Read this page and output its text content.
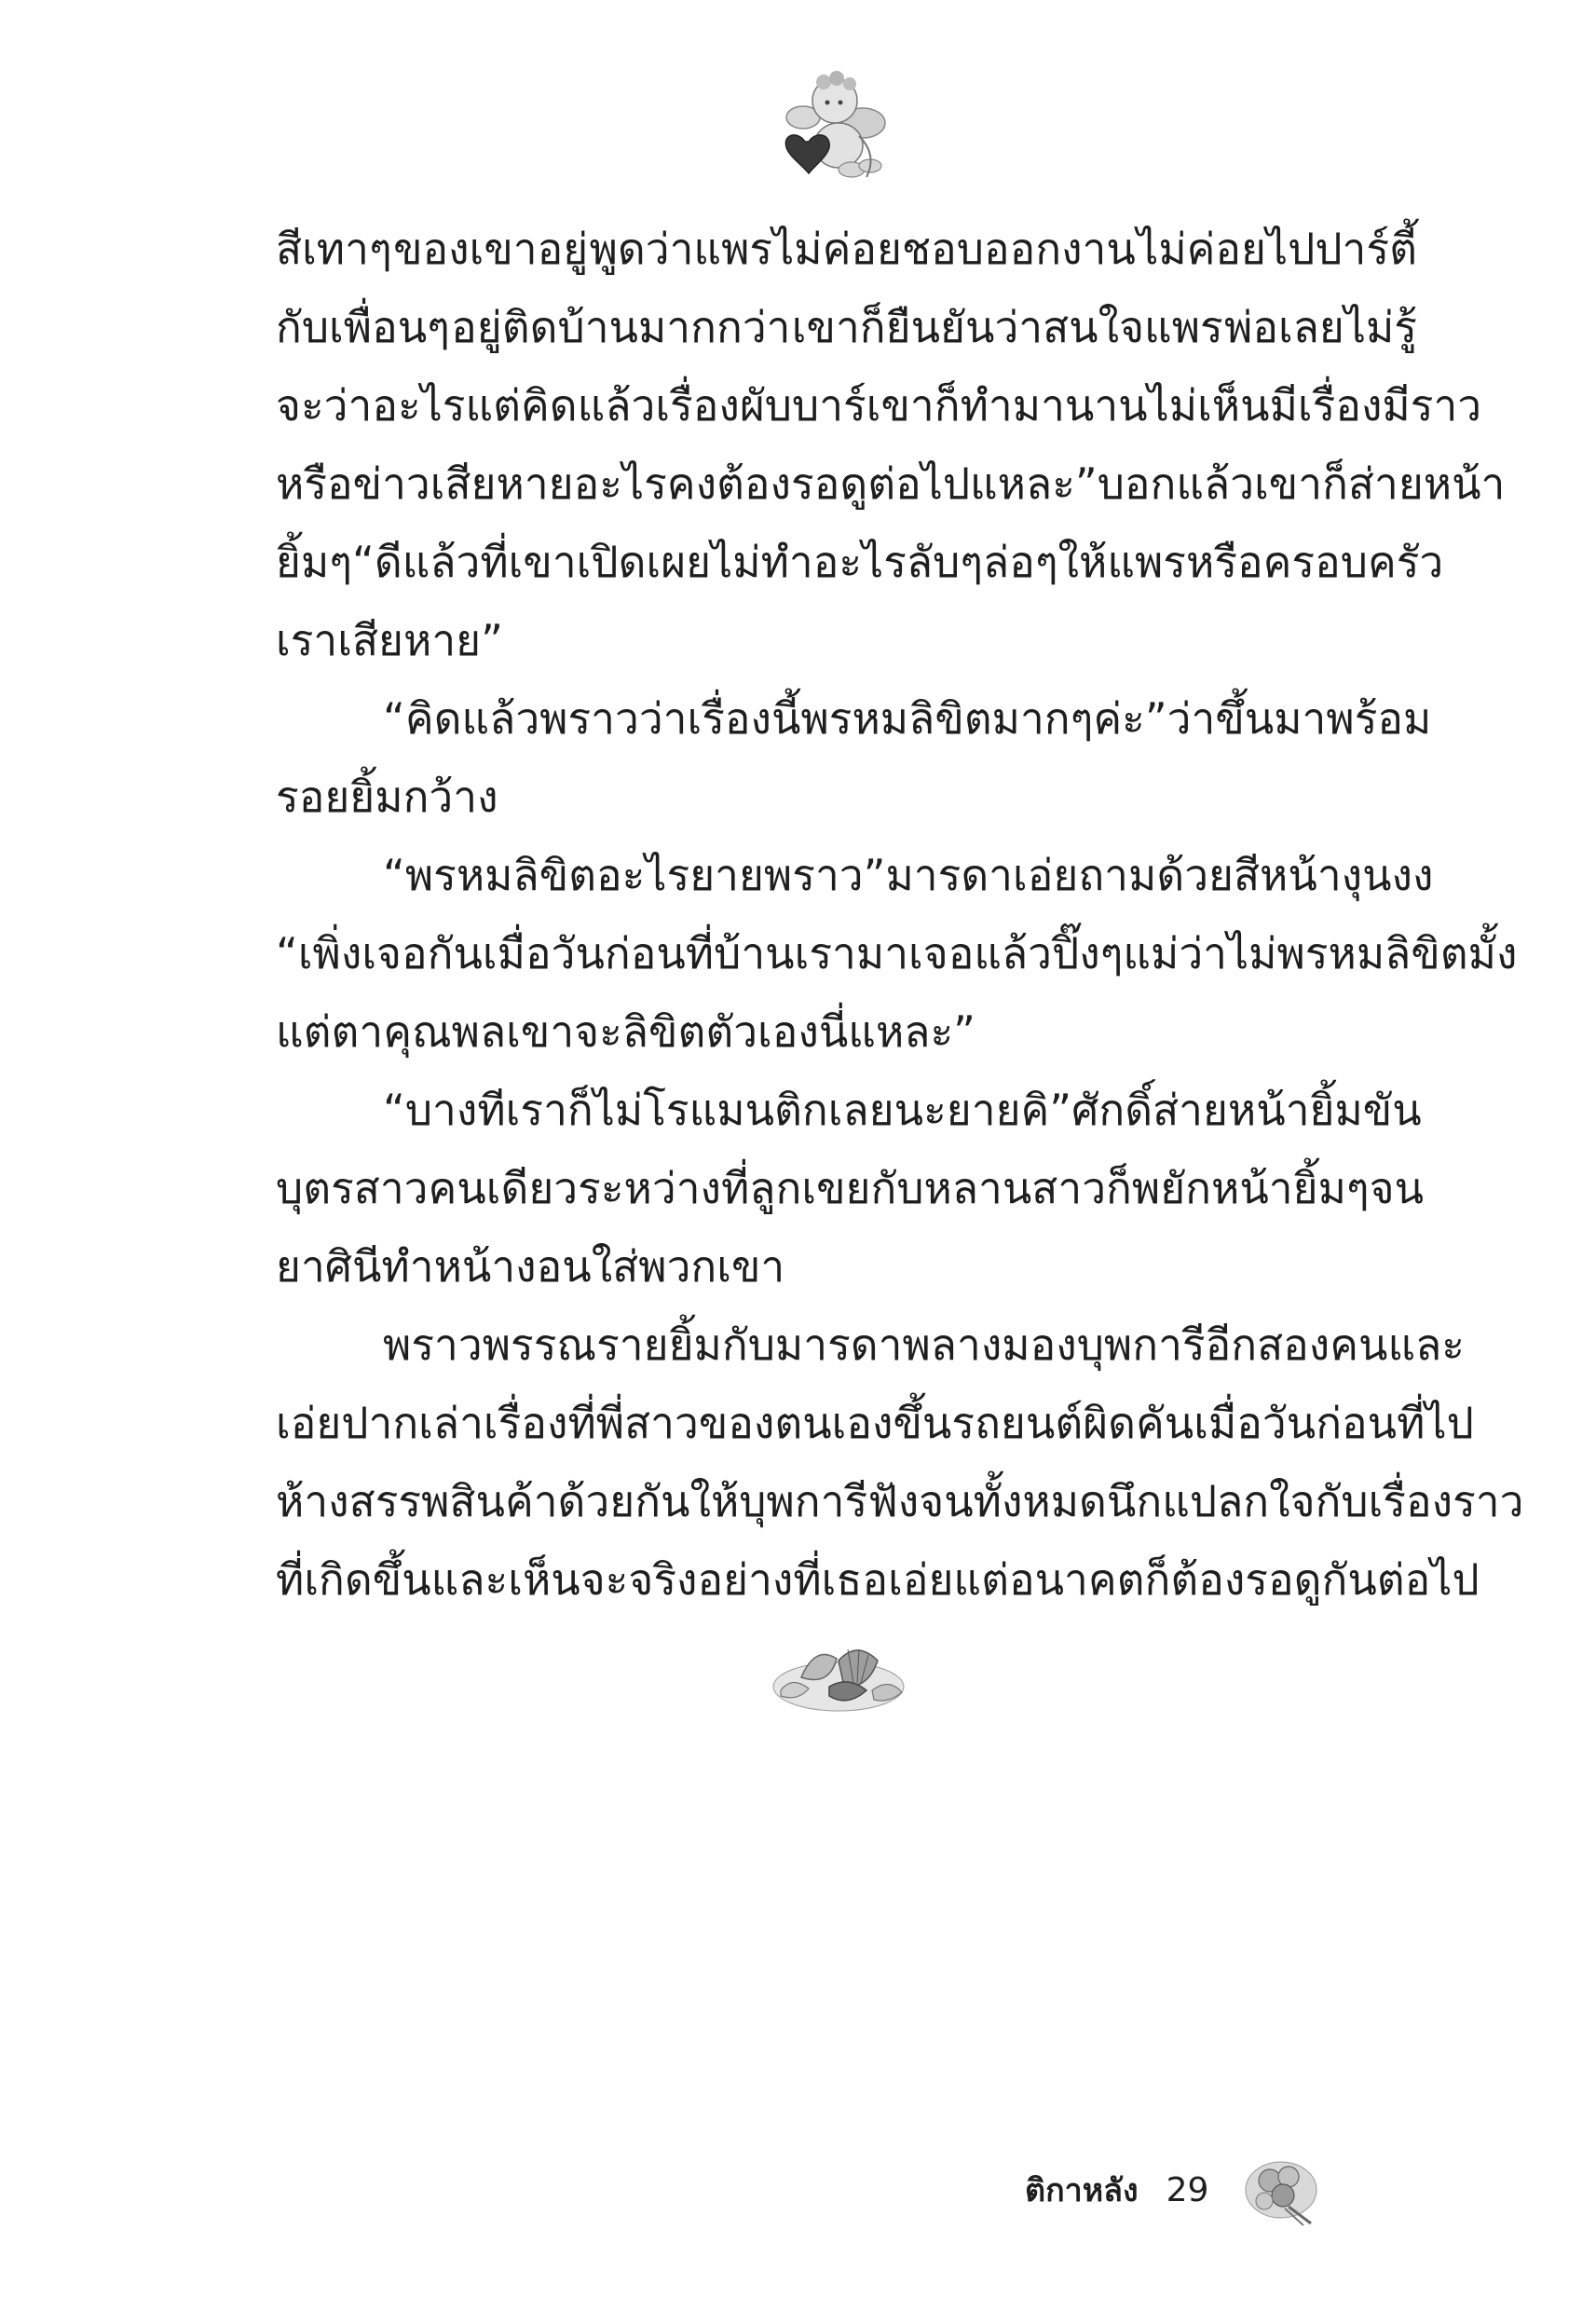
สีเทาๆ ของเขาอยู่ พูดว่าแพรไม่ค่อยชอบออกงาน ไม่ค่อยไปปาร์ตี้
กับเพื่อนๆ อยู่ติดบ้านมากกว่า เขาก็ยืนยันว่าสนใจแพร พ่อเลยไม่รู้
จะว่าอะไร แต่คิดแล้วเรื่องผับบาร์เขาก็ทำมานาน ไม่เห็นมีเรื่องมีราว
หรือข่าวเสียหายอะไร คงต้องรอดูต่อไปแหละ” บอกแล้วเขาก็ส่ายหน้า
ยิ้มๆ “ดีแล้วที่เขาเปิดเผย ไม่ทำอะไรลับๆ ล่อๆ ให้แพรหรือครอบครัว
เราเสียหาย”
“คิดแล้วพราวว่าเรื่องนี้พรหมลิขิตมากๆ ค่ะ” ว่าขึ้นมาพร้อม
รอยยิ้มกว้าง
“พรหมลิขิตอะไร ยายพราว” มารดาเอ่ยถามด้วยสีหน้างุนงง
“เพิ่งเจอกันเมื่อวันก่อนที่บ้านเรา มาเจอแล้วปิ๊งๆ แม่ว่าไม่พรหมลิขิตมั้ง
แต่ตาคุณพลเขาจะลิขิตตัวเองนี่แหละ”
“บางทีเราก็ไม่โรแมนติกเลยนะ ยายคิ” ศักดิ์ส่ายหน้ายิ้มขัน
บุตรสาวคนเดียว ระหว่างที่ลูกเขยกับหลานสาวก็พยักหน้ายิ้มๆ จน
ยาศินีทำหน้างอนใส่พวกเขา
พราวพรรณรายยิ้มกับมารดา พลางมองบุพการีอีกสองคน และ
เอ่ยปากเล่าเรื่องที่พี่สาวของตนเองขึ้นรถยนต์ผิดคันเมื่อวันก่อนที่ไป
ห้างสรรพสินค้าด้วยกันให้บุพการีฟัง จนทั้งหมดนึกแปลกใจกับเรื่องราว
ที่เกิดขึ้น และเห็นจะจริงอย่างที่เธอเอ่ย แต่อนาคตก็ต้องรอดูกันต่อไป
ติกาหลัง 29
